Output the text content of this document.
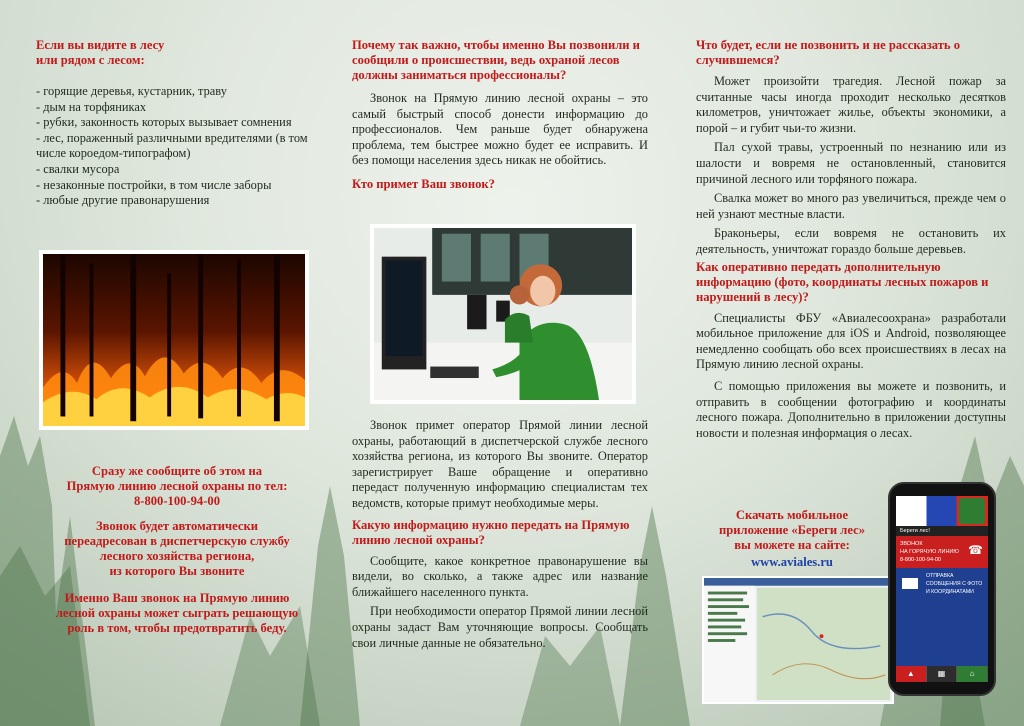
Если вы видите в лесу
или рядом с лесом:
- горящие деревья, кустарник, траву
- дым на торфяниках
- рубки, законность которых вызывает сомнения
- лес, пораженный различными вредителями (в том числе короедом-типографом)
- свалки мусора
- незаконные постройки, в том числе заборы
- любые другие правонарушения
Сразу же сообщите об этом на
Прямую линию лесной охраны по тел:
8-800-100-94-00
Звонок будет автоматически
переадресован в диспетчерскую службу
лесного хозяйства региона,
из которого Вы звоните
Именно Ваш звонок на Прямую линию
лесной охраны может сыграть решающую
роль в том, чтобы предотвратить беду.
Почему так важно, чтобы именно Вы позвонили и сообщили о происшествии, ведь охраной лесов должны заниматься профессионалы?
Звонок на Прямую линию лесной охраны – это самый быстрый способ донести информацию до профессионалов. Чем раньше будет обнаружена проблема, тем быстрее можно будет ее исправить. И без помощи населения здесь никак не обойтись.
Кто примет Ваш звонок?
Звонок примет оператор Прямой линии лесной охраны, работающий в диспетчерской службе лесного хозяйства региона, из которого Вы звоните. Оператор зарегистрирует Ваше обращение и оперативно передаст полученную информацию специалистам тех ведомств, которые примут необходимые меры.
Какую информацию нужно передать на Прямую линию лесной охраны?
Сообщите, какое конкретное правонарушение вы видели, во сколько, а также адрес или название ближайшего населенного пункта.
При необходимости оператор Прямой линии лесной охраны задаст Вам уточняющие вопросы. Сообщать свои личные данные не обязательно.
Что будет, если не позвонить и не рассказать о случившемся?
Может произойти трагедия. Лесной пожар за считанные часы иногда проходит несколько десятков километров, уничтожает жилье, объекты экономики, а порой – и губит чьи-то жизни.
Пал сухой травы, устроенный по незнанию или из шалости и вовремя не остановленный, становится причиной лесного или торфяного пожара.
Свалка может во много раз увеличиться, прежде чем о ней узнают местные власти.
Браконьеры, если вовремя не остановить их деятельность, уничтожат гораздо больше деревьев.
Как оперативно передать дополнительную информацию (фото, координаты лесных пожаров и нарушений в лесу)?
Специалисты ФБУ «Авиалесоохрана» разработали мобильное приложение для iOS и Android, позволяющее немедленно сообщать обо всех происшествиях в лесах на Прямую линию лесной охраны.
С помощью приложения вы можете и позвонить, и отправить в сообщении фотографию и координаты лесного пожара. Дополнительно в приложении доступны новости и полезная информация о лесах.
Скачать мобильное
приложение «Береги лес»
вы можете на сайте:
www.aviales.ru
Береги лес!
ЗВОНОК
НА ГОРЯЧУЮ ЛИНИЮ
8-800-100-94-00
☎
ОТПРАВКА
СООБЩЕНИЯ С ФОТО
И КООРДИНАТАМИ
▲	▦	⌂
